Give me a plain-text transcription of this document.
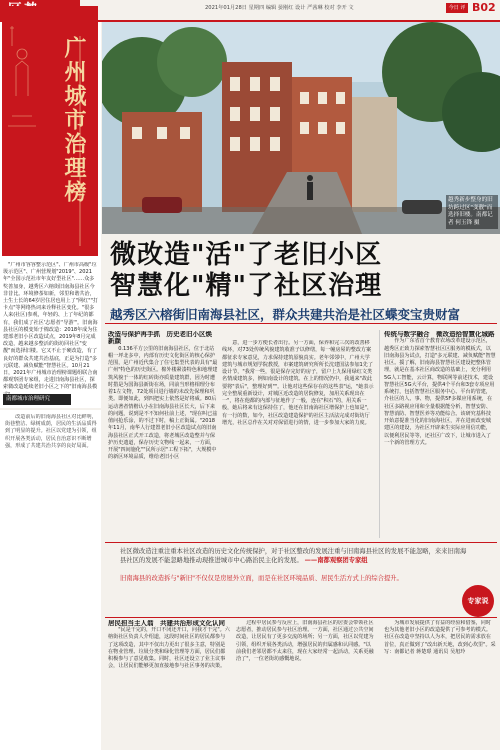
2021年01月28日 星期四 编辑 晏刚红 设计 严茜琳 校对 李开 文	今日 评 B02
广州城市治理榜

"广州市容容整示范区"、广州市高级"垃圾示范区"、广州营规划"2019"、2021年"全国示范社市年友好型社区"……众多奖善加身，越秀区六榕街旧南海县社区今非昔比。环境修茶如新，邻里和谐共治，土生土长的64岁居住居也用上了"网红""打卡点"等网络热词来诠释社区变化。"很多人来(社区)参观，年轻的、上了年纪的都有，我们成了社区'志愿者''导游'"。旧南海县社区的模变始于棉改造：2018年成为住建部老旧小区改造试点，2019年8月完成改造，越来越多整活的街坊回社区"变靓"而选择旧楼。它又不止于硬改造，有了良好的群众共建共治基底，正是为打造"多元联建、减负赋能"智慧社区。10月21日，2021年广州城市治理榜课题组联合南都观察团专家组，走进旧南海县社区，探索微改造延续老旧小区之下的"旧南海县模

南都城市治理研究
越秀新步整身的旧坊跨过区"变靓"而选择旧楼。南都记者 何玉锋 摄
微改造"活"了老旧小区
智慧化"精"了社区治理
越秀区六榕街旧南海县社区，群众共建共治是社区蝶变宝贵财富
改造与保护再手抓　历史老旧小区焕新颜

0.136平方公里的旧南海县社区，位于北站帽一坪北多中，内部有历史文化街区的核心保护范围，是广州近代集合了住宅集型代表的具有"最广州"特色的历史街区。棉外楼紧凑特色和地理建筑风貌于一体的红砖街亦质量建筑群，因为时遭时措是为国海县新街在场，同前当形格相理分布着1左文物，72处项目进行墙的未改先保理和巩类。即便如此，到四把实上依然是好将威。80后运动著者情楷认小在旧南海县社区长大，后下来的问题，说到是不不知何社前上述，"现在叫已兹值问抢乐涂，的不过下时，稿上正街属。"2018年11月，南华人行建置老旧小区改造试点的旧南海县社区正式开工改造，将老城区改造整并与保护历史遗道，保存历史文物线一起来，一方面，开展"四间施化""民所示居"工程下拓"，大规模中的新区环境品质，维给老旧小区

意，进一步方便长者出行。另一方面，保养和完三次的改善移线环，对73处传统风貌建筑收准子以修缮，每一幢房屋的整改方案都征求专家意见，力求保持建筑原貌真实。老年邻邻中，广州大学建筑与城市规划学院教授，市案建筑研究所所长沈建国法参加1先了设计节，"我常一些，很是保存完好的房子，留户上九保用绿红文类名情成建筑多，例如南设计的建筑。在上的情况仍中，我通来"故此要将"表后"，整理好到""。让他对这些保存在的这些表"运，"她表示完全整展重新设计，对城区近改造的居院修复，加用关系现出在一"，将在他都的内部与征地作了一般，连在"积石"的，用关系一般，她后将来有这保持住了，他还在旧南海社区增保护上也如是"，有一行的数，如今，社区改造建造保护的社区主活法完成对街坊厅增光，社区总作在关对对保留进行的情，进一步参加大家的力度。

传统与数字融合　微改造拾智慧化城路

作为广东省首个教育农场改革建设示范区，越秀区正致力探索智慧社区区服务的模板式，以旧南海县为试点，打造"多元联建、减负赋能"智慧社区。援了解，旧南海县智慧社区建设把整体管理，就是在基本社区商改造的基础上，充分利用5G人工智能，云计算，物联网等前述技术，建设智慧社区5G大平台，提供4个平台和3套专项应用系统打，包括智慧社区服务中心、平台的管建，介社区的人、事、物，提供5F多媒应用系统，在社区多路视应用和全量根据能分析，智慧安防、智慧消防、智慧医养等功能综合。该研究基科技开始意提准当化的旧南海社区，并在进而改变城建区的建设，为社区开辟来生实际应用信功能，以便利居民等等，还社区广改下，让城市进入了一个新的管理方式。

社区微改造注重注重本社区改造的历史文化传统保护，对于社区整改的发展注重与旧南海县社区的发展不能忽略，来来旧南海县社区的发展不能忽略地推动现推进城市中心路治民主化的发展。 ——南都观察团专家组
旧南海县的改造拆与"新旧"不仅仅是房屋外立面，而是在社区环境品质、居民生活方式上的综合提升。
专家说
居民担当主人翁　共建共治形成文化认同

"民是干完的，开口不闭还开口，问我才干完"。六榕街社区负责人介绍道，这段时间社区的居民都参与了这项改造，其中不仅出力更出了很多主意，特别是在物业管理、垃圾分类和绿化管理等方面，居民们都积极参与了意见收集。同时，社区还设立了业主议事会，让居民们能够更加直接地参与社区事务的决策。

过程中居民参与反应上，旧南海县社区的居委会带领社区志愿者，推动居民参与社区治理。一方面，社区通过公共空间改造，让居民有了更多交流的场所；另一方面，社区以党建为引领，组织开展各类活动，增强居民的归属感和认同感。"以前我们老邻居都不太来往，现在大家经常一起活动，关系更融洽了"，一位老街坊感慨地说。

为城市发展提供了有益的经验和借鉴，同时也为其他老旧小区的改造提供了可参考的模式。社区在改造中坚持以人为本，把居民的需求放在首位，真正做到了"改出新天地，改到心坎里"。采写：南都记者 蒋楚璟 通讯员 吴旭玲

改造前后的旧南海县社区对比鲜明，街巷整洁、绿树成荫，居民的生活品质得到了明显的提升。社区以党建为引领，组织开展各类活动，居民自治意识不断增强，形成了共建共治共享的良好局面。
